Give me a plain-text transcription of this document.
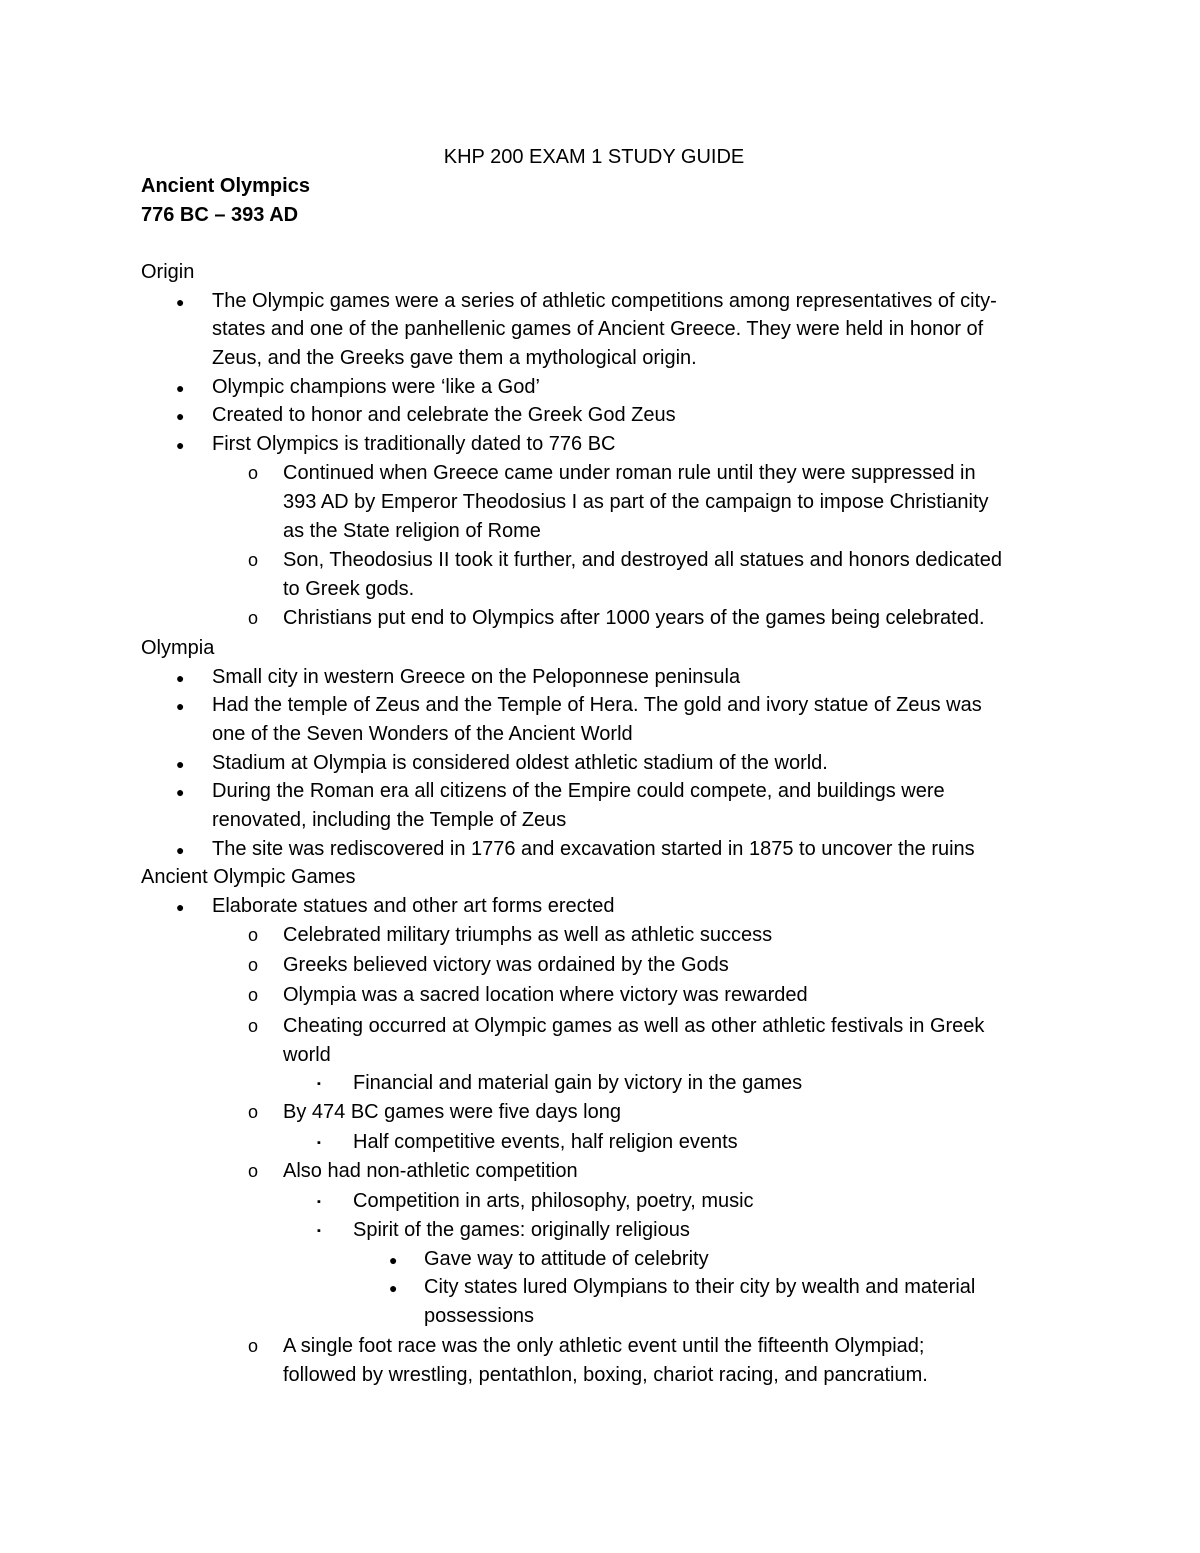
KHP 200 EXAM 1 STUDY GUIDE
Ancient Olympics
776 BC – 393 AD
Origin
● The Olympic games were a series of athletic competitions among representatives of city-
states and one of the panhellenic games of Ancient Greece. They were held in honor of
Zeus, and the Greeks gave them a mythological origin.
● Olympic champions were ‘like a God’
● Created to honor and celebrate the Greek God Zeus
● First Olympics is traditionally dated to 776 BC
o Continued when Greece came under roman rule until they were suppressed in
393 AD by Emperor Theodosius I as part of the campaign to impose Christianity
as the State religion of Rome
o Son, Theodosius II took it further, and destroyed all statues and honors dedicated
to Greek gods.
o Christians put end to Olympics after 1000 years of the games being celebrated.
Olympia
● Small city in western Greece on the Peloponnese peninsula
● Had the temple of Zeus and the Temple of Hera. The gold and ivory statue of Zeus was
one of the Seven Wonders of the Ancient World
● Stadium at Olympia is considered oldest athletic stadium of the world.
● During the Roman era all citizens of the Empire could compete, and buildings were
renovated, including the Temple of Zeus
● The site was rediscovered in 1776 and excavation started in 1875 to uncover the ruins
Ancient Olympic Games
● Elaborate statues and other art forms erected
o Celebrated military triumphs as well as athletic success
o Greeks believed victory was ordained by the Gods
o Olympia was a sacred location where victory was rewarded
o Cheating occurred at Olympic games as well as other athletic festivals in Greek
world
▪ Financial and material gain by victory in the games
o By 474 BC games were five days long
▪ Half competitive events, half religion events
o Also had non-athletic competition
▪ Competition in arts, philosophy, poetry, music
▪ Spirit of the games: originally religious
● Gave way to attitude of celebrity
● City states lured Olympians to their city by wealth and material
possessions
o A single foot race was the only athletic event until the fifteenth Olympiad;
followed by wrestling, pentathlon, boxing, chariot racing, and pancratium.
